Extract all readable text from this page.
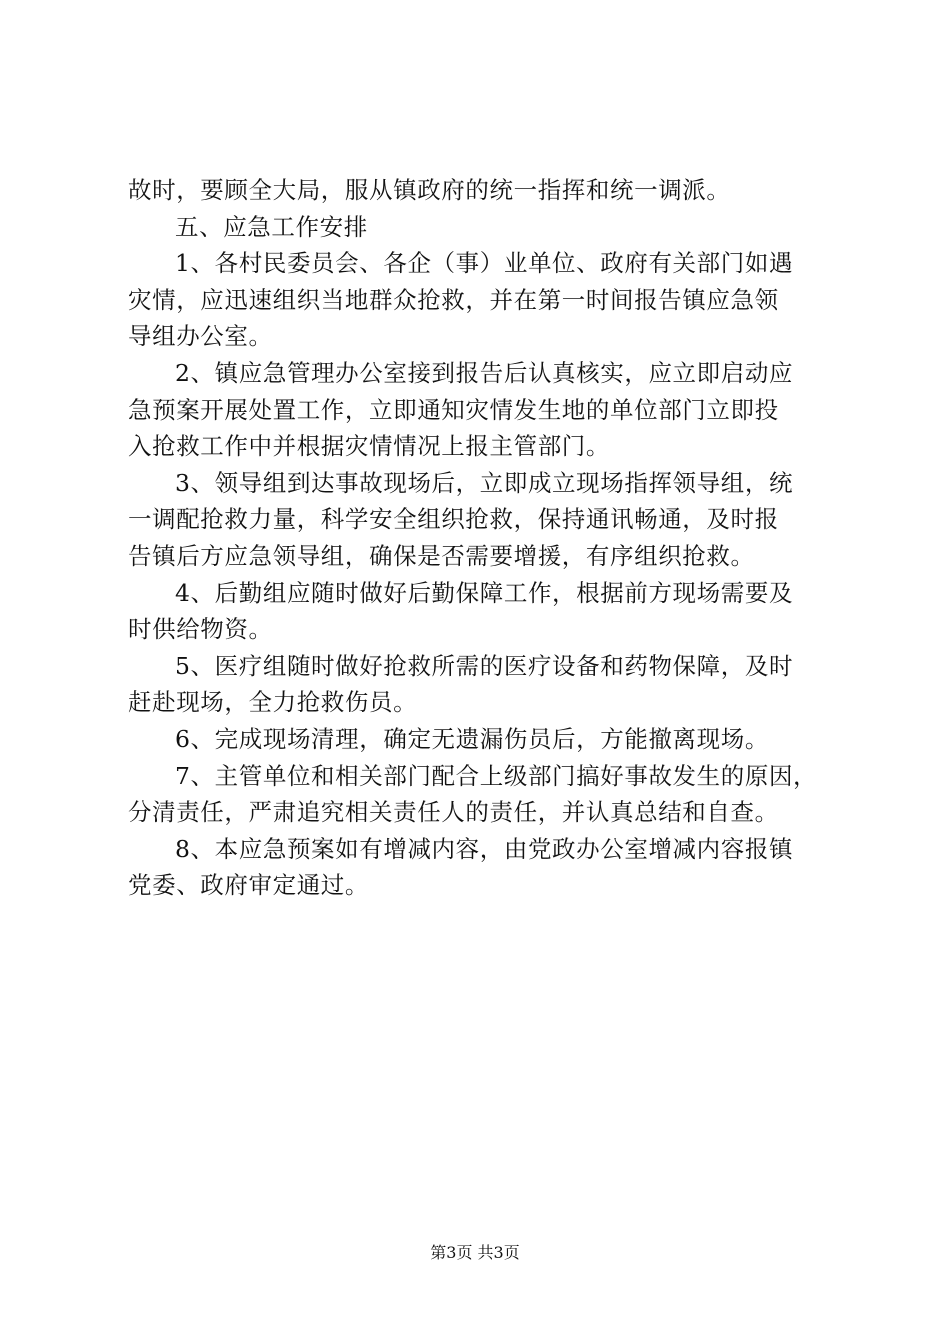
故时，要顾全大局，服从镇政府的统一指挥和统一调派。
五、应急工作安排
1、各村民委员会、各企（事）业单位、政府有关部门如遇
灾情，应迅速组织当地群众抢救，并在第一时间报告镇应急领
导组办公室。
2、镇应急管理办公室接到报告后认真核实，应立即启动应
急预案开展处置工作，立即通知灾情发生地的单位部门立即投
入抢救工作中并根据灾情情况上报主管部门。
3、领导组到达事故现场后，立即成立现场指挥领导组，统
一调配抢救力量，科学安全组织抢救，保持通讯畅通，及时报
告镇后方应急领导组，确保是否需要增援，有序组织抢救。
4、后勤组应随时做好后勤保障工作，根据前方现场需要及
时供给物资。
5、医疗组随时做好抢救所需的医疗设备和药物保障，及时
赶赴现场，全力抢救伤员。
6、完成现场清理，确定无遗漏伤员后，方能撤离现场。
7、主管单位和相关部门配合上级部门搞好事故发生的原因，
分清责任，严肃追究相关责任人的责任，并认真总结和自查。
8、本应急预案如有增减内容，由党政办公室增减内容报镇
党委、政府审定通过。
第3页 共3页
